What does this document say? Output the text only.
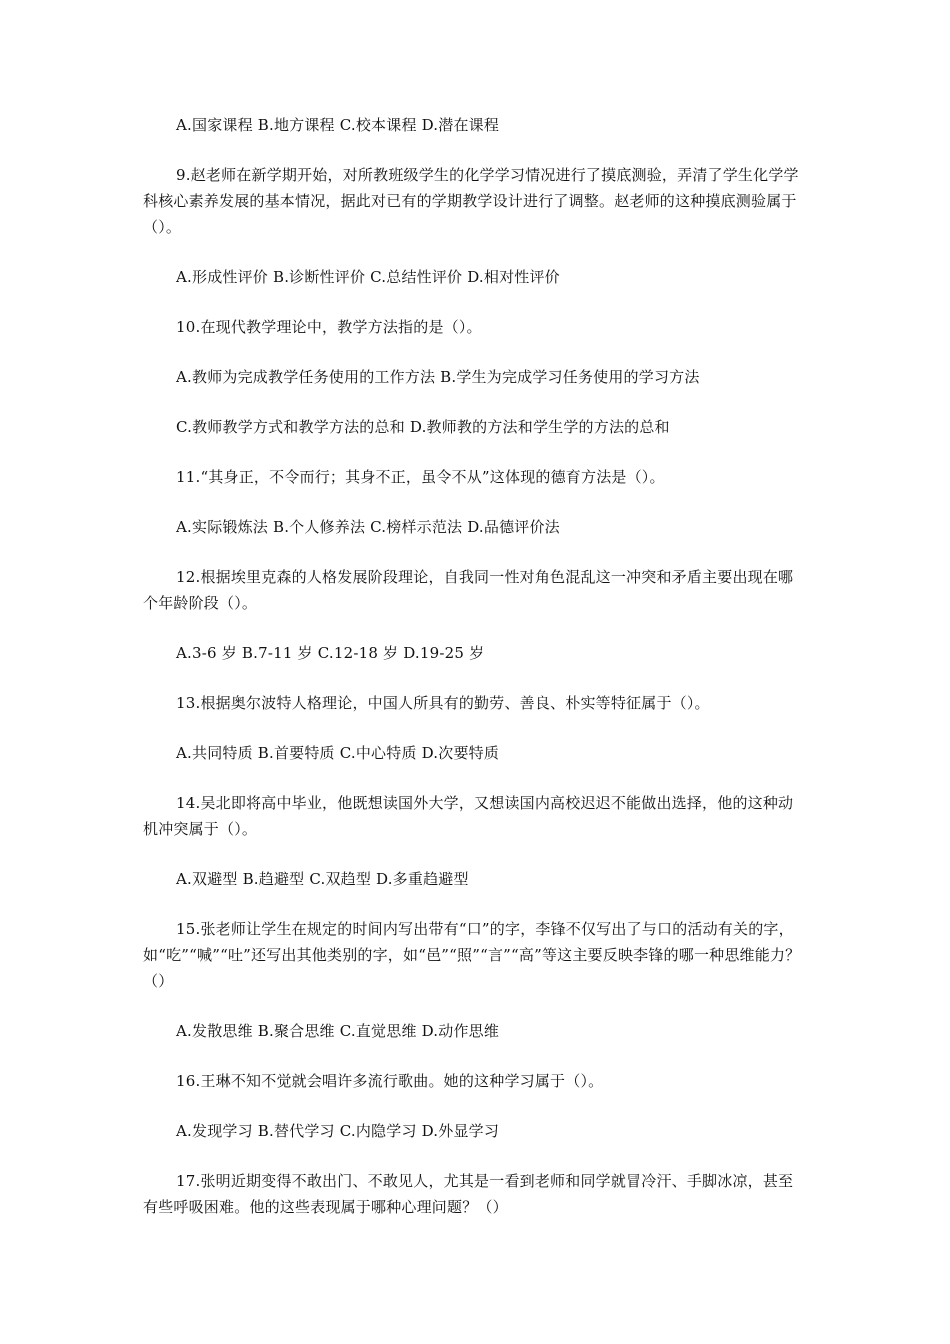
A.国家课程 B.地方课程 C.校本课程 D.潜在课程

9.赵老师在新学期开始，对所教班级学生的化学学习情况进行了摸底测验，弄清了学生化学学科核心素养发展的基本情况，据此对已有的学期教学设计进行了调整。赵老师的这种摸底测验属于（）。

A.形成性评价 B.诊断性评价 C.总结性评价 D.相对性评价

10.在现代教学理论中，教学方法指的是（）。

A.教师为完成教学任务使用的工作方法 B.学生为完成学习任务使用的学习方法

C.教师教学方式和教学方法的总和 D.教师教的方法和学生学的方法的总和

11.“其身正，不令而行；其身不正，虽令不从”这体现的德育方法是（）。

A.实际锻炼法 B.个人修养法 C.榜样示范法 D.品德评价法

12.根据埃里克森的人格发展阶段理论，自我同一性对角色混乱这一冲突和矛盾主要出现在哪个年龄阶段（）。

A.3-6 岁 B.7-11 岁 C.12-18 岁 D.19-25 岁

13.根据奥尔波特人格理论，中国人所具有的勤劳、善良、朴实等特征属于（）。

A.共同特质 B.首要特质 C.中心特质 D.次要特质

14.吴北即将高中毕业，他既想读国外大学，又想读国内高校迟迟不能做出选择，他的这种动机冲突属于（）。

A.双避型 B.趋避型 C.双趋型 D.多重趋避型

15.张老师让学生在规定的时间内写出带有“口”的字，李锋不仅写出了与口的活动有关的字，如“吃”“喊”“吐”还写出其他类别的字，如“邑”“照”“言”“高”等这主要反映李锋的哪一种思维能力？（）

A.发散思维 B.聚合思维 C.直觉思维 D.动作思维

16.王琳不知不觉就会唱许多流行歌曲。她的这种学习属于（）。

A.发现学习 B.替代学习 C.内隐学习 D.外显学习

17.张明近期变得不敢出门、不敢见人，尤其是一看到老师和同学就冒冷汗、手脚冰凉，甚至有些呼吸困难。他的这些表现属于哪种心理问题？（）
